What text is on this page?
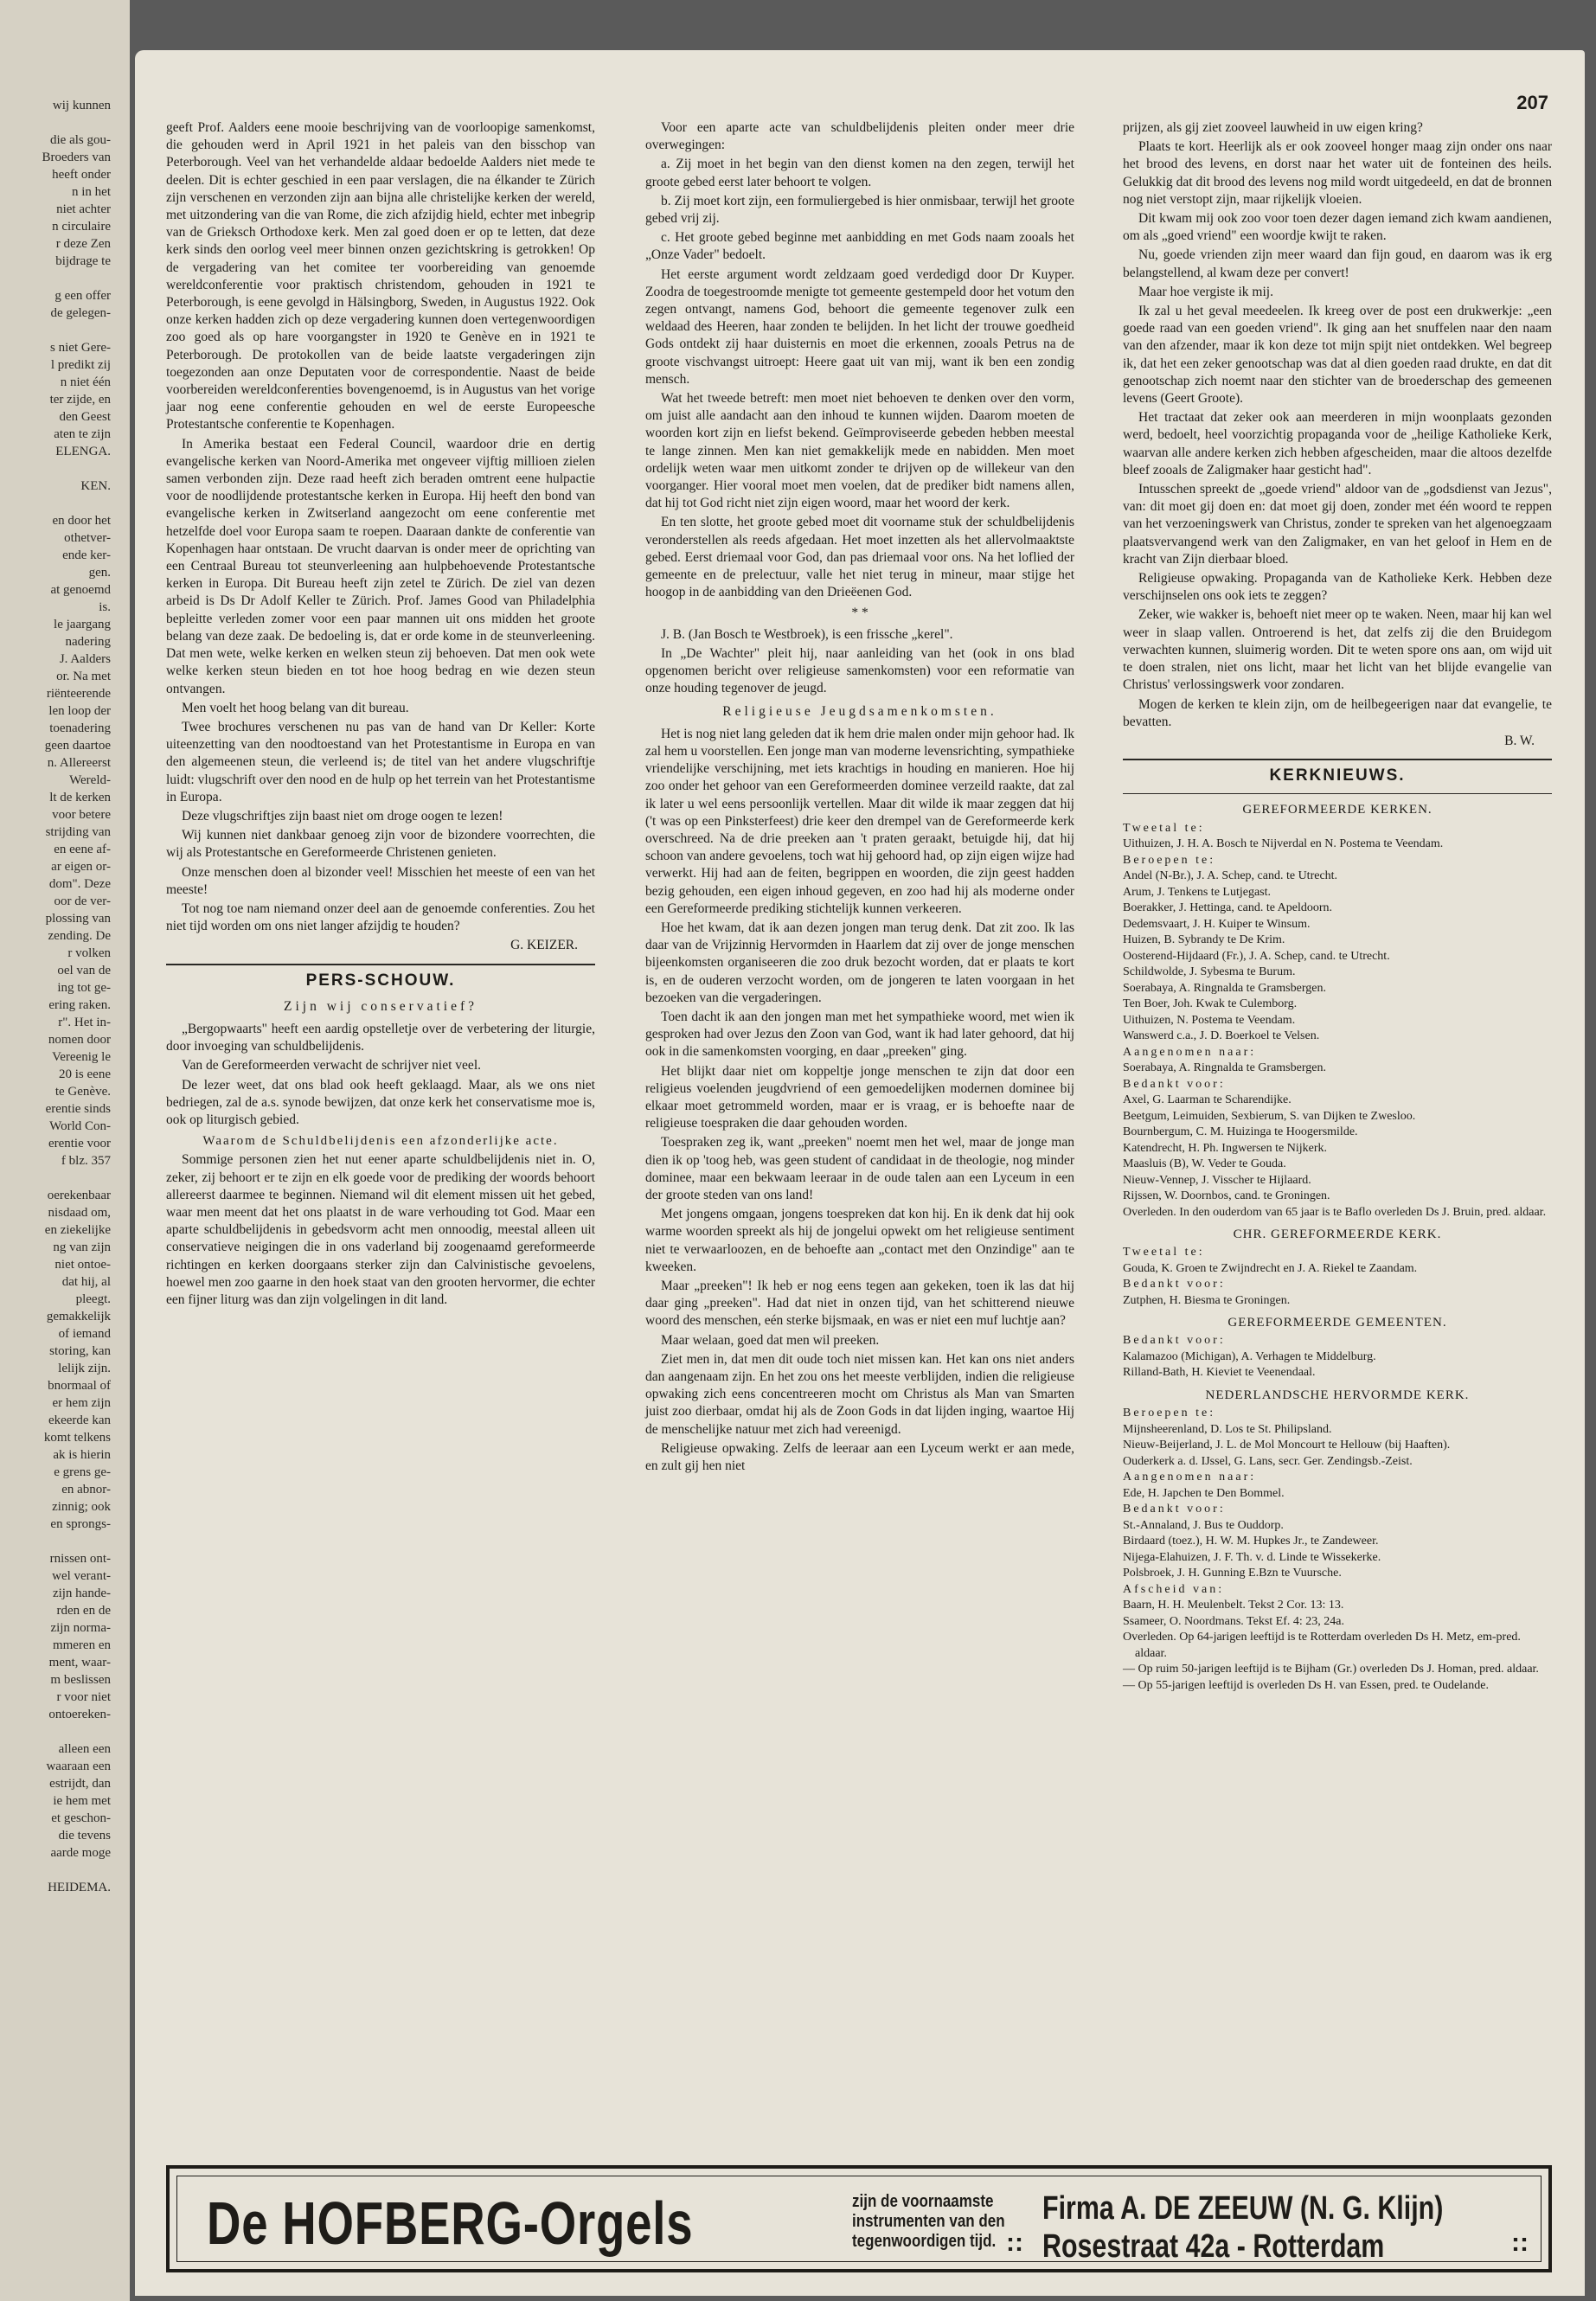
wij kunnen
die als gou-
Broeders van
heeft onder
n in het
niet achter
n circulaire
r deze Zen
bijdrage te
g een offer
de gelegen-
s niet Gere-
l predikt zij
n niet één
ter zijde, en
den Geest
aten te zijn
ELENGA.
KEN.
en door het
othetver-
ende ker-
gen.
at genoemd
is.
le jaargang
nadering
J. Aalders
or. Na met
riënteerende
len loop der
toenadering
geen daartoe
n. Allereerst
Wereld-
lt de kerken
voor betere
strijding van
en eene af-
ar eigen or-
dom". Deze
oor de ver-
plossing van
zending. De
r volken
oel van de
ing tot ge-
ering raken.
r". Het in-
nomen door
Vereenig le
20 is eene
te Genève.
erentie sinds
World Con-
erentie voor
f blz. 357
oerekenbaar
nisdaad om,
en ziekelijke
ng van zijn
niet ontoe-
dat hij, al
pleegt.
gemakkelijk
of iemand
storing, kan
lelijk zijn.
bnormaal of
er hem zijn
ekeerde kan
komt telkens
ak is hierin
e grens ge-
en abnor-
zinnig; ook
en sprongs-
rnissen ont-
wel verant-
zijn hande-
rden en de
zijn norma-
mmeren en
ment, waar-
m beslissen
r voor niet
ontoereken-
alleen een
waaraan een
estrijdt, dan
ie hem met
et geschon-
die tevens
aarde moge
HEIDEMA.
207

geeft Prof. Aalders eene mooie beschrijving van de voorloopige samenkomst, die gehouden werd in April 1921 in het paleis van den bisschop van Peterborough. Veel van het verhandelde aldaar bedoelde Aalders niet mede te deelen. Dit is echter geschied in een paar verslagen, die na élkander te Zürich zijn verschenen en verzonden zijn aan bijna alle christelijke kerken der wereld, met uitzondering van die van Rome, die zich afzijdig hield, echter met inbegrip van de Grieksch Orthodoxe kerk. Men zal goed doen er op te letten, dat deze kerk sinds den oorlog veel meer binnen onzen gezichtskring is getrokken! Op de vergadering van het comitee ter voorbereiding van genoemde wereldconferentie voor praktisch christendom, gehouden in 1921 te Peterborough, is eene gevolgd in Hälsingborg, Sweden, in Augustus 1922. Ook onze kerken hadden zich op deze vergadering kunnen doen vertegenwoordigen zoo goed als op hare voorgangster in 1920 te Genève en in 1921 te Peterborough. De protokollen van de beide laatste vergaderingen zijn toegezonden aan onze Deputaten voor de correspondentie. Naast de beide voorbereiden wereldconferenties bovengenoemd, is in Augustus van het vorige jaar nog eene conferentie gehouden en wel de eerste Europeesche Protestantsche conferentie te Kopenhagen.

In Amerika bestaat een Federal Council, waardoor drie en dertig evangelische kerken van Noord-Amerika met ongeveer vijftig millioen zielen samen verbonden zijn. Deze raad heeft zich beraden omtrent eene hulpactie voor de noodlijdende protestantsche kerken in Europa. Hij heeft den bond van evangelische kerken in Zwitserland aangezocht om eene conferentie met hetzelfde doel voor Europa saam te roepen. Daaraan dankte de conferentie van Kopenhagen haar ontstaan. De vrucht daarvan is onder meer de oprichting van een Centraal Bureau tot steunverleening aan hulpbehoevende Protestantsche kerken in Europa. Dit Bureau heeft zijn zetel te Zürich. De ziel van dezen arbeid is Ds Dr Adolf Keller te Zürich. Prof. James Good van Philadelphia bepleitte verleden zomer voor een paar mannen uit ons midden het groote belang van deze zaak. De bedoeling is, dat er orde kome in de steunverleening. Dat men wete, welke kerken en welken steun zij behoeven. Dat men ook wete welke kerken steun bieden en tot hoe hoog bedrag en wie dezen steun ontvangen.

Men voelt het hoog belang van dit bureau.

Twee brochures verschenen nu pas van de hand van Dr Keller: Korte uiteenzetting van den noodtoestand van het Protestantisme in Europa en van den algemeenen steun, die verleend is; de titel van het andere vlugschriftje luidt: vlugschrift over den nood en de hulp op het terrein van het Protestantisme in Europa.

Deze vlugschriftjes zijn baast niet om droge oogen te lezen!

Wij kunnen niet dankbaar genoeg zijn voor de bizondere voorrechten, die wij als Protestantsche en Gereformeerde Christenen genieten.

Onze menschen doen al bizonder veel! Misschien het meeste of een van het meeste!

Tot nog toe nam niemand onzer deel aan de genoemde conferenties. Zou het niet tijd worden om ons niet langer afzijdig te houden?

G. KEIZER.
PERS-SCHOUW.
Zijn wij conservatief?

„Bergopwaarts" heeft een aardig opstelletje over de verbetering der liturgie, door invoeging van schuldbelijdenis.

Van de Gereformeerden verwacht de schrijver niet veel.

De lezer weet, dat ons blad ook heeft geklaagd. Maar, als we ons niet bedriegen, zal de a.s. synode bewijzen, dat onze kerk het conservatisme moe is, ook op liturgisch gebied.

Waarom de Schuldbelijdenis een afzonderlijke acte.

Sommige personen zien het nut eener aparte schuldbelijdenis niet in. O, zeker, zij behoort er te zijn en elk goede voor de prediking der woords behoort allereerst daarmee te beginnen. Niemand wil dit element missen uit het gebed, waar men meent dat het ons plaatst in de ware verhouding tot God. Maar een aparte schuldbelijdenis in gebedsvorm acht men onnoodig, meestal alleen uit conservatieve neigingen die in ons vaderland bij zoogenaamd gereformeerde richtingen en kerken doorgaans sterker zijn dan Calvinistische gevoelens, hoewel men zoo gaarne in den hoek staat van den grooten hervormer, die echter een fijner liturg was dan zijn volgelingen in dit land.

Voor een aparte acte van schuldbelijdenis pleiten onder meer drie overwegingen:

a. Zij moet in het begin van den dienst komen na den zegen, terwijl het groote gebed eerst later behoort te volgen.

b. Zij moet kort zijn, een formuliergebed is hier onmisbaar, terwijl het groote gebed vrij zij.

c. Het groote gebed beginne met aanbidding en met Gods naam zooals het „Onze Vader" bedoelt.

Het eerste argument wordt zeldzaam goed verdedigd door Dr Kuyper. Zoodra de toegestroomde menigte tot gemeente gestempeld door het votum den zegen ontvangt, namens God, behoort die gemeente tegenover zulk een weldaad des Heeren, haar zonden te belijden. In het licht der trouwe goedheid Gods ontdekt zij haar duisternis en moet die erkennen, zooals Petrus na de groote vischvangst uitroept: Heere gaat uit van mij, want ik ben een zondig mensch.

Wat het tweede betreft: men moet niet behoeven te denken over den vorm, om juist alle aandacht aan den inhoud te kunnen wijden. Daarom moeten de woorden kort zijn en liefst bekend. Geïmproviseerde gebeden hebben meestal te lange zinnen. Men kan niet gemakkelijk mede en nabidden. Men moet ordelijk weten waar men uitkomt zonder te drijven op de willekeur van den voorganger. Hier vooral moet men voelen, dat de prediker bidt namens allen, dat hij tot God richt niet zijn eigen woord, maar het woord der kerk.

En ten slotte, het groote gebed moet dit voorname stuk der schuldbelijdenis veronderstellen als reeds afgedaan. Het moet inzetten als het allervolmaaktste gebed. Eerst driemaal voor God, dan pas driemaal voor ons. Na het loflied der gemeente en de prelectuur, valle het niet terug in mineur, maar stijge het hoogop in de aanbidding van den Drieëenen God.

* *

J. B. (Jan Bosch te Westbroek), is een frissche „kerel".

In „De Wachter" pleit hij, naar aanleiding van het (ook in ons blad opgenomen bericht over religieuse samenkomsten) voor een reformatie van onze houding tegenover de jeugd.

Religieuse Jeugdsamenkomsten.

Het is nog niet lang geleden dat ik hem drie malen onder mijn gehoor had. Ik zal hem u voorstellen. Een jonge man van moderne levensrichting, sympathieke vriendelijke verschijning, met iets krachtigs in houding en manieren. Hoe hij zoo onder het gehoor van een Gereformeerden dominee verzeild raakte, dat zal ik later u wel eens persoonlijk vertellen. Maar dit wilde ik maar zeggen dat hij ('t was op een Pinksterfeest) drie keer den drempel van de Gereformeerde kerk overschreed. Na de drie preeken aan 't praten geraakt, betuigde hij, dat hij schoon van andere gevoelens, toch wat hij gehoord had, op zijn eigen wijze had verwerkt. Hij had aan de feiten, begrippen en woorden, die zijn geest hadden bezig gehouden, een eigen inhoud gegeven, en zoo had hij als moderne onder een Gereformeerde prediking stichtelijk kunnen verkeeren.

Hoe het kwam, dat ik aan dezen jongen man terug denk. Dat zit zoo. Ik las daar van de Vrijzinnig Hervormden in Haarlem dat zij over de jonge menschen bijeenkomsten organiseeren die zoo druk bezocht worden, dat er plaats te kort is, en de ouderen verzocht worden, om de jongeren te laten voorgaan in het bezoeken van die vergaderingen.

Toen dacht ik aan den jongen man met het sympathieke woord, met wien ik gesproken had over Jezus den Zoon van God, want ik had later gehoord, dat hij ook in die samenkomsten voorging, en daar „preeken" ging.

Het blijkt daar niet om koppeltje jonge menschen te zijn dat door een religieus voelenden jeugdvriend of een gemoedelijken modernen dominee bij elkaar moet getrommeld worden, maar er is vraag, er is behoefte naar de religieuse toespraken die daar gehouden worden.

Toespraken zeg ik, want „preeken" noemt men het wel, maar de jonge man dien ik op 'toog heb, was geen student of candidaat in de theologie, nog minder dominee, maar een bekwaam leeraar in de oude talen aan een Lyceum in een der groote steden van ons land!

Met jongens omgaan, jongens toespreken dat kon hij. En ik denk dat hij ook warme woorden spreekt als hij de jongelui opwekt om het religieuse sentiment niet te verwaarloozen, en de behoefte aan „contact met den Onzindige" aan te kweeken.

Maar „preeken"! Ik heb er nog eens tegen aan gekeken, toen ik las dat hij daar ging „preeken". Had dat niet in onzen tijd, van het schitterend nieuwe woord des menschen, eén sterke bijsmaak, en was er niet een muf luchtje aan?

Maar welaan, goed dat men wil preeken.

Ziet men in, dat men dit oude toch niet missen kan. Het kan ons niet anders dan aangenaam zijn. En het zou ons het meeste verblijden, indien die religieuse opwaking zich eens concentreeren mocht om Christus als Man van Smarten juist zoo dierbaar, omdat hij als de Zoon Gods in dat lijden inging, waartoe Hij de menschelijke natuur met zich had vereenigd.

Religieuse opwaking. Zelfs de leeraar aan een Lyceum werkt er aan mede, en zult gij hen niet

prijzen, als gij ziet zooveel lauwheid in uw eigen kring?

Plaats te kort. Heerlijk als er ook zooveel honger maag zijn onder ons naar het brood des levens, en dorst naar het water uit de fonteinen des heils. Gelukkig dat dit brood des levens nog mild wordt uitgedeeld, en dat de bronnen nog niet verstopt zijn, maar rijkelijk vloeien.

Dit kwam mij ook zoo voor toen dezer dagen iemand zich kwam aandienen, om als „goed vriend" een woordje kwijt te raken.

Nu, goede vrienden zijn meer waard dan fijn goud, en daarom was ik erg belangstellend, al kwam deze per convert!

Maar hoe vergiste ik mij.

Ik zal u het geval meedeelen. Ik kreeg over de post een drukwerkje: „een goede raad van een goeden vriend". Ik ging aan het snuffelen naar den naam van den afzender, maar ik kon deze tot mijn spijt niet ontdekken. Wel begreep ik, dat het een zeker genootschap was dat al dien goeden raad drukte, en dat dit genootschap zich noemt naar den stichter van de broederschap des gemeenen levens (Geert Groote).

Het tractaat dat zeker ook aan meerderen in mijn woonplaats gezonden werd, bedoelt, heel voorzichtig propaganda voor de „heilige Katholieke Kerk, waarvan alle andere kerken zich hebben afgescheiden, maar die altoos dezelfde bleef zooals de Zaligmaker haar gesticht had".

Intusschen spreekt de „goede vriend" aldoor van de „godsdienst van Jezus", van: dit moet gij doen en: dat moet gij doen, zonder met één woord te reppen van het verzoeningswerk van Christus, zonder te spreken van het algenoegzaam plaatsvervangend werk van den Zaligmaker, en van het geloof in Hem en de kracht van Zijn dierbaar bloed.

Religieuse opwaking. Propaganda van de Katholieke Kerk. Hebben deze verschijnselen ons ook iets te zeggen?

Zeker, wie wakker is, behoeft niet meer op te waken. Neen, maar hij kan wel weer in slaap vallen. Ontroerend is het, dat zelfs zij die den Bruidegom verwachten kunnen, sluimerig worden. Dit te weten spore ons aan, om wijd uit te doen stralen, niet ons licht, maar het licht van het blijde evangelie van Christus' verlossingswerk voor zondaren.

Mogen de kerken te klein zijn, om de heilbegeerigen naar dat evangelie, te bevatten.

B. W.
KERKNIEUWS.
GEREFORMEERDE KERKEN.
Tweetal te:
Uithuizen, J. H. A. Bosch te Nijverdal en N. Postema te Veendam.
Beroepen te:
Andel (N-Br.), J. A. Schep, cand. te Utrecht.
Arum, J. Tenkens te Lutjegast.
Boerakker, J. Hettinga, cand. te Apeldoorn.
Dedemsvaart, J. H. Kuiper te Winsum.
Huizen, B. Sybrandy te De Krim.
Oosterend-Hijdaard (Fr.), J. A. Schep, cand. te Utrecht.
Schildwolde, J. Sybesma te Burum.
Soerabaya, A. Ringnalda te Gramsbergen.
Ten Boer, Joh. Kwak te Culemborg.
Uithuizen, N. Postema te Veendam.
Wanswerd c.a., J. D. Boerkoel te Velsen.
Aangenomen naar:
Soerabaya, A. Ringnalda te Gramsbergen.
Bedankt voor:
Axel, G. Laarman te Scharendijke.
Beetgum, Leimuiden, Sexbierum, S. van Dijken te Zwesloo.
Bournbergum, C. M. Huizinga te Hoogersmilde.
Katendrecht, H. Ph. Ingwersen te Nijkerk.
Maasluis (B), W. Veder te Gouda.
Nieuw-Vennep, J. Visscher te Hijlaard.
Rijssen, W. Doornbos, cand. te Groningen.
Overleden. In den ouderdom van 65 jaar is te Baflo overleden Ds J. Bruin, pred. aldaar.
CHR. GEREFORMEERDE KERK.
Tweetal te:
Gouda, K. Groen te Zwijndrecht en J. A. Riekel te Zaandam.
Bedankt voor:
Zutphen, H. Biesma te Groningen.
GEREFORMEERDE GEMEENTEN.
Bedankt voor:
Kalamazoo (Michigan), A. Verhagen te Middelburg.
Rilland-Bath, H. Kieviet te Veenendaal.
NEDERLANDSCHE HERVORMDE KERK.
Beroepen te:
Mijnsheerenland, D. Los te St. Philipsland.
Nieuw-Beijerland, J. L. de Mol Moncourt te Hellouw (bij Haaften).
Ouderkerk a. d. IJssel, G. Lans, secr. Ger. Zendingsb.-Zeist.
Aangenomen naar:
Ede, H. Japchen te Den Bommel.
Bedankt voor:
St.-Annaland, J. Bus te Ouddorp.
Birdaard (toez.), H. W. M. Hupkes Jr., te Zandeweer.
Nijega-Elahuizen, J. F. Th. v. d. Linde te Wissekerke.
Polsbroek, J. H. Gunning E.Bzn te Vuursche.
Afscheid van:
Baarn, H. H. Meulenbelt. Tekst 2 Cor. 13: 13.
Ssameer, O. Noordmans. Tekst Ef. 4: 23, 24a.
Overleden. Op 64-jarigen leeftijd is te Rotterdam overleden Ds H. Metz, em-pred. aldaar.
— Op ruim 50-jarigen leeftijd is te Bijham (Gr.) overleden Ds J. Homan, pred. aldaar.
— Op 55-jarigen leeftijd is overleden Ds H. van Essen, pred. te Oudelande.
De HOFBERG-Orgels	zijn de voornaamste
instrumenten van den
tegenwoordigen tijd. ::
Firma A. DE ZEEUW (N. G. Klijn)
Rosestraat 42a - Rotterdam	::
